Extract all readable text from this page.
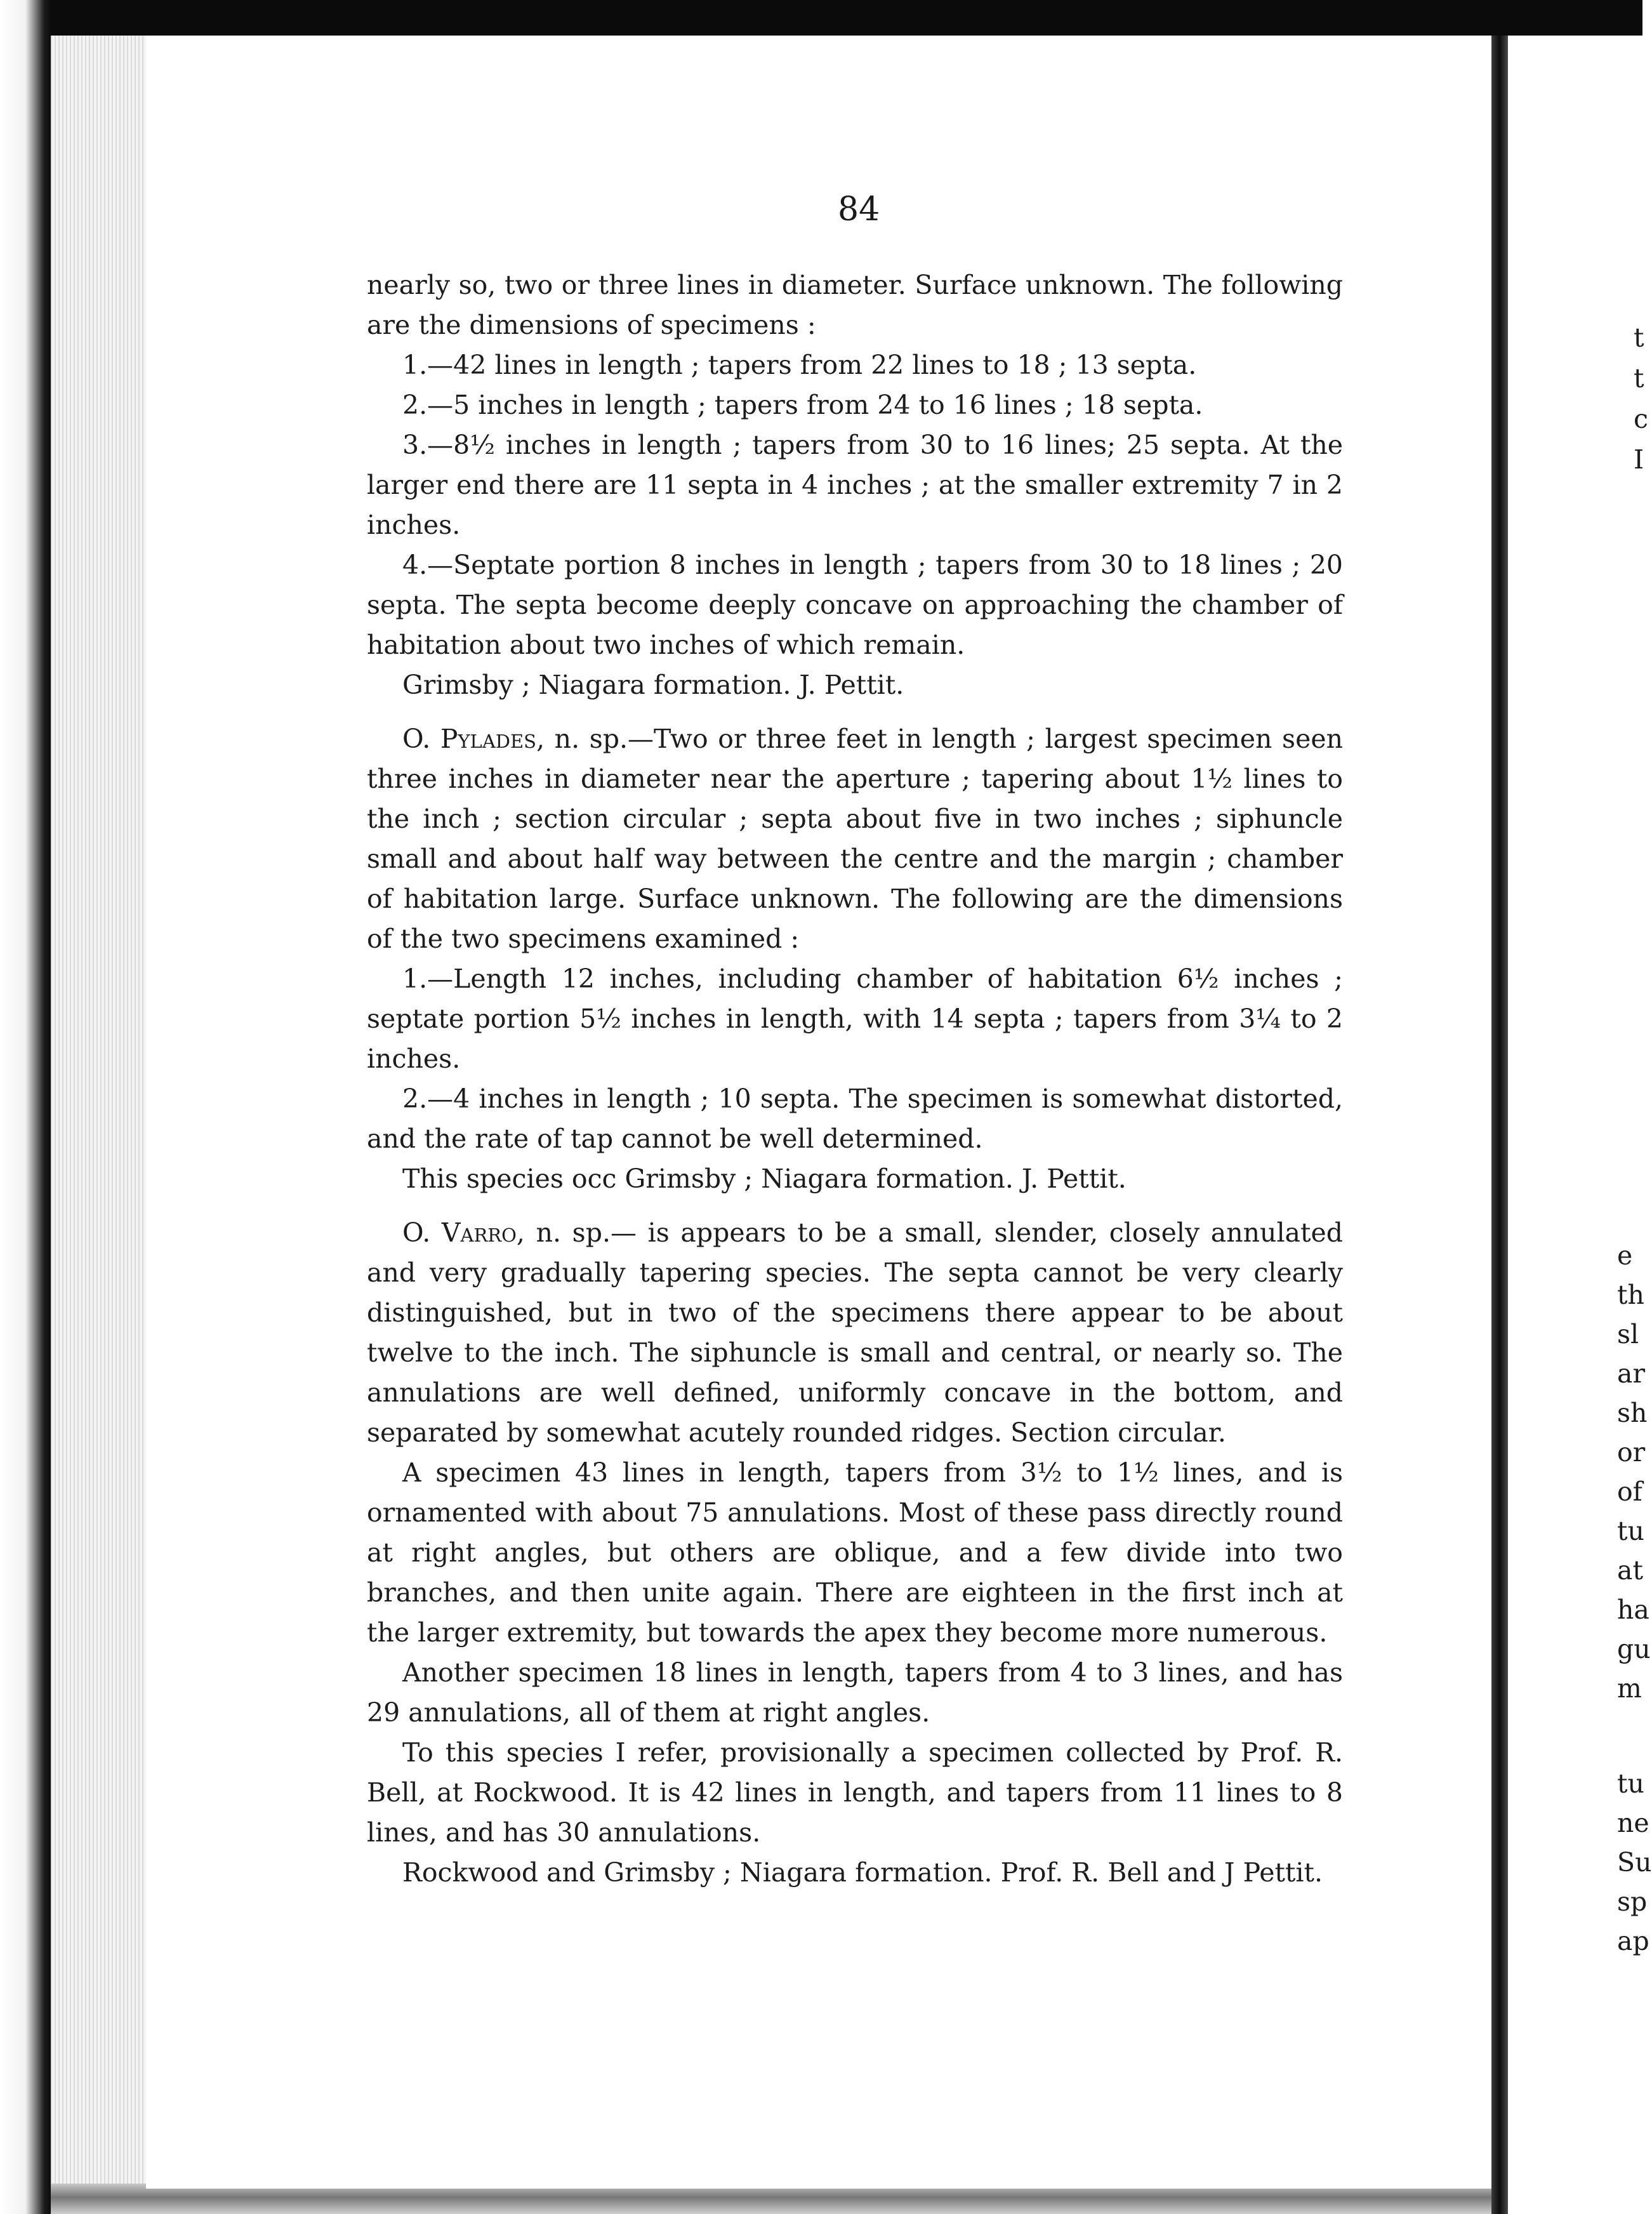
84

nearly so, two or three lines in diameter. Surface unknown. The following are the dimensions of specimens :

1.—42 lines in length ; tapers from 22 lines to 18 ; 13 septa.

2.—5 inches in length ; tapers from 24 to 16 lines ; 18 septa.

3.—8½ inches in length ; tapers from 30 to 16 lines; 25 septa. At the larger end there are 11 septa in 4 inches ; at the smaller extremity 7 in 2 inches.

4.—Septate portion 8 inches in length ; tapers from 30 to 18 lines ; 20 septa. The septa become deeply concave on approaching the chamber of habitation about two inches of which remain.

Grimsby ; Niagara formation. J. Pettit.

O. Pylades, n. sp.—Two or three feet in length ; largest specimen seen three inches in diameter near the aperture ; tapering about 1½ lines to the inch ; section circular ; septa about five in two inches ; siphuncle small and about half way between the centre and the margin ; chamber of habitation large. Surface unknown. The following are the dimensions of the two specimens examined :

1.—Length 12 inches, including chamber of habitation 6½ inches ; septate portion 5½ inches in length, with 14 septa ; tapers from 3¼ to 2 inches.

2.—4 inches in length ; 10 septa. The specimen is somewhat distorted, and the rate of tap cannot be well determined.

This species occ Grimsby ; Niagara formation. J. Pettit.

O. Varro, n. sp.— is appears to be a small, slender, closely annulated and very gradually tapering species. The septa cannot be very clearly distinguished, but in two of the specimens there appear to be about twelve to the inch. The siphuncle is small and central, or nearly so. The annulations are well defined, uniformly concave in the bottom, and separated by somewhat acutely rounded ridges. Section circular.

A specimen 43 lines in length, tapers from 3½ to 1½ lines, and is ornamented with about 75 annulations. Most of these pass directly round at right angles, but others are oblique, and a few divide into two branches, and then unite again. There are eighteen in the first inch at the larger extremity, but towards the apex they become more numerous.

Another specimen 18 lines in length, tapers from 4 to 3 lines, and has 29 annulations, all of them at right angles.

To this species I refer, provisionally a specimen collected by Prof. R. Bell, at Rockwood. It is 42 lines in length, and tapers from 11 lines to 8 lines, and has 30 annulations.

Rockwood and Grimsby ; Niagara formation. Prof. R. Bell and J Pettit.

t
t
c
I
e
th
sl
ar
sh
or
of
tu
at
ha
gu
m
tu
ne
Su
sp
ap
